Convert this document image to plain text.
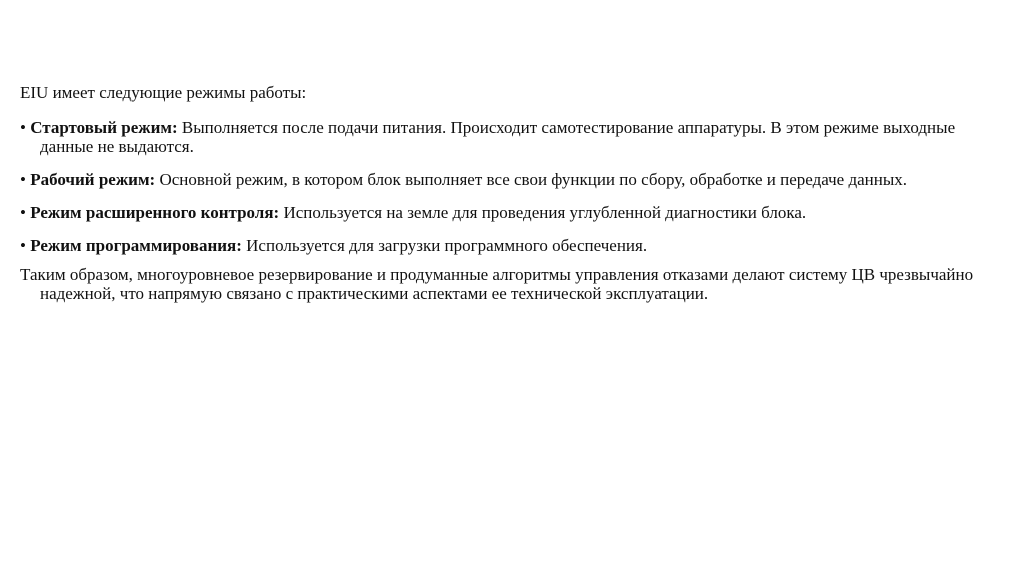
EIU имеет следующие режимы работы:

• Стартовый режим: Выполняется после подачи питания. Происходит самотестирование аппаратуры. В этом режиме выходные данные не выдаются.

• Рабочий режим: Основной режим, в котором блок выполняет все свои функции по сбору, обработке и передаче данных.

• Режим расширенного контроля: Используется на земле для проведения углубленной диагностики блока.

• Режим программирования: Используется для загрузки программного обеспечения.

Таким образом, многоуровневое резервирование и продуманные алгоритмы управления отказами делают систему ЦВ чрезвычайно надежной, что напрямую связано с практическими аспектами ее технической эксплуатации.
